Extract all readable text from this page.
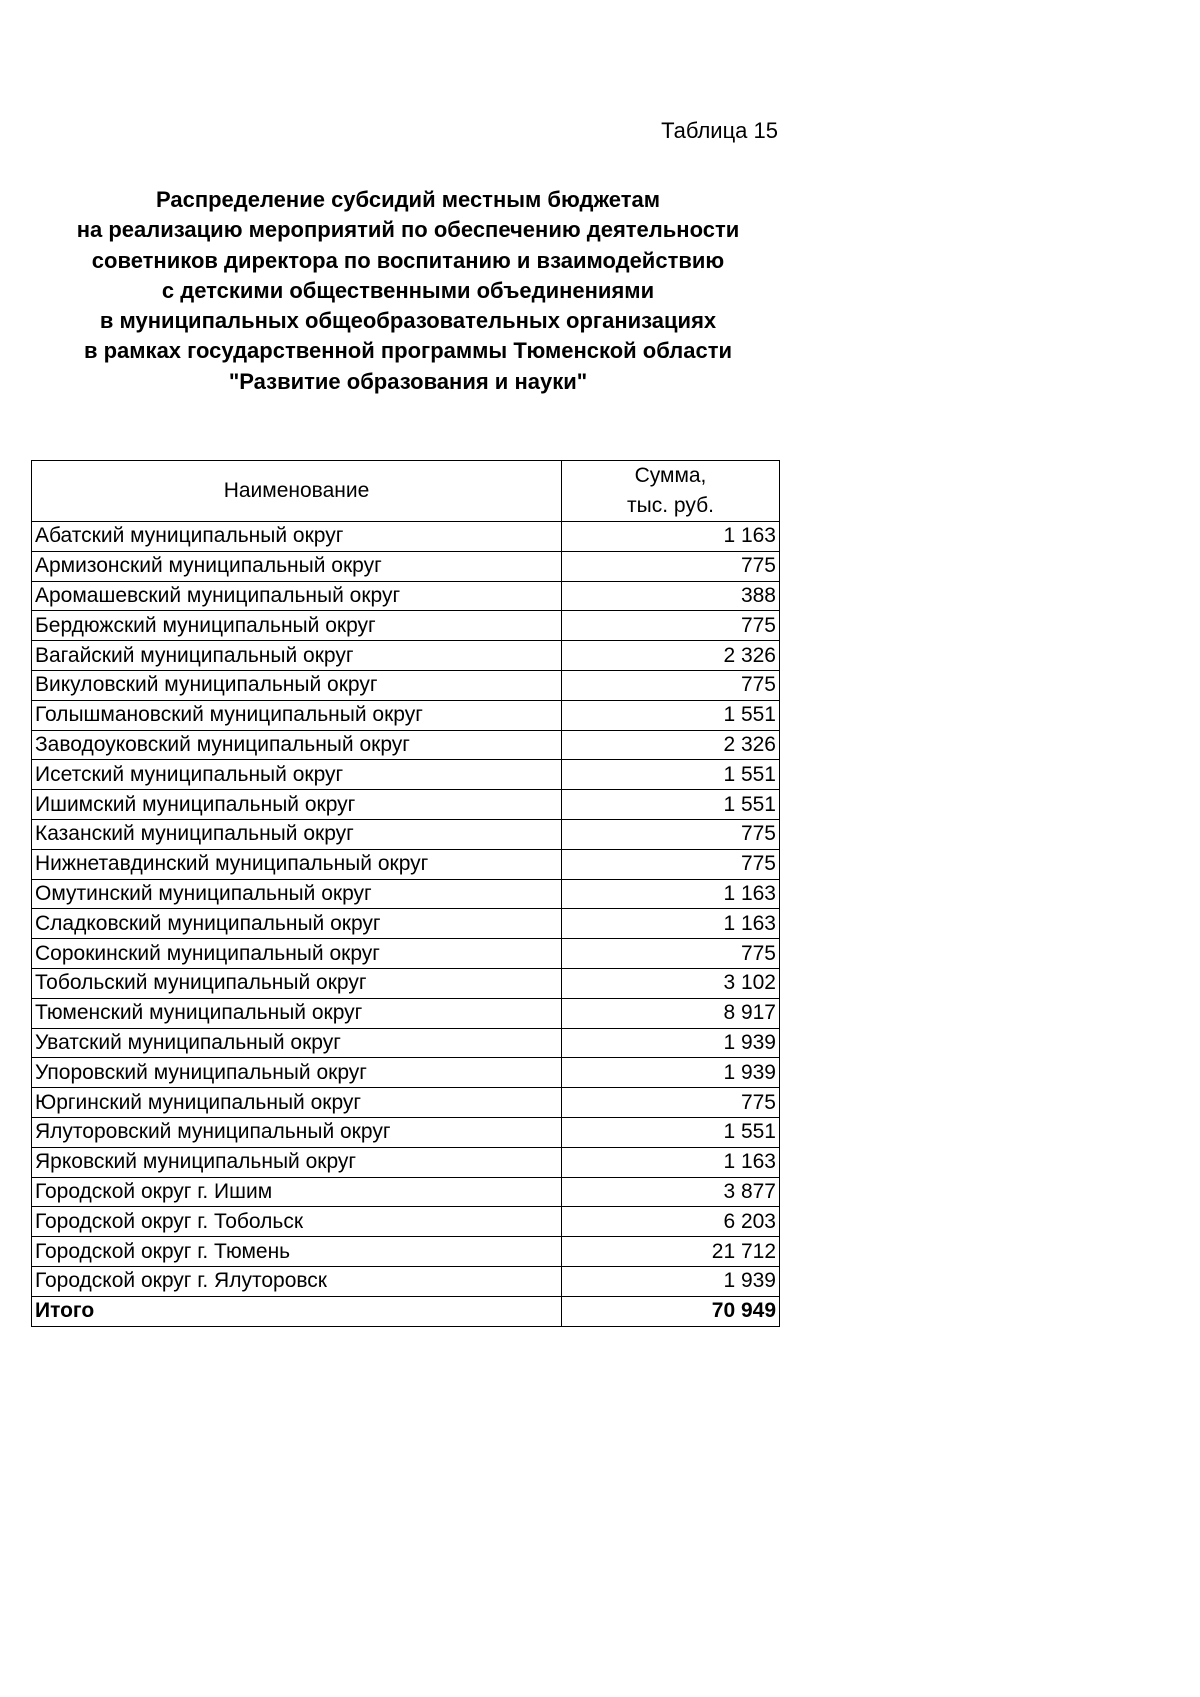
Таблица 15
Распределение субсидий местным бюджетам
на реализацию мероприятий по обеспечению деятельности
советников директора по воспитанию и взаимодействию
с детскими общественными объединениями
в муниципальных общеобразовательных организациях
в рамках государственной программы Тюменской области
"Развитие образования и науки"
Наименование	Сумма,
тыс. руб.

Абатский муниципальный округ	1 163
Армизонский муниципальный округ	775
Аромашевский муниципальный округ	388
Бердюжский муниципальный округ	775
Вагайский муниципальный округ	2 326
Викуловский муниципальный округ	775
Голышмановский муниципальный округ	1 551
Заводоуковский муниципальный округ	2 326
Исетский муниципальный округ	1 551
Ишимский муниципальный округ	1 551
Казанский муниципальный округ	775
Нижнетавдинский муниципальный округ	775
Омутинский муниципальный округ	1 163
Сладковский муниципальный округ	1 163
Сорокинский муниципальный округ	775
Тобольский муниципальный округ	3 102
Тюменский муниципальный округ	8 917
Уватский муниципальный округ	1 939
Упоровский муниципальный округ	1 939
Юргинский муниципальный округ	775
Ялуторовский муниципальный округ	1 551
Ярковский муниципальный округ	1 163
Городской округ г. Ишим	3 877
Городской округ г. Тобольск	6 203
Городской округ г. Тюмень	21 712
Городской округ г. Ялуторовск	1 939
Итого	70 949
